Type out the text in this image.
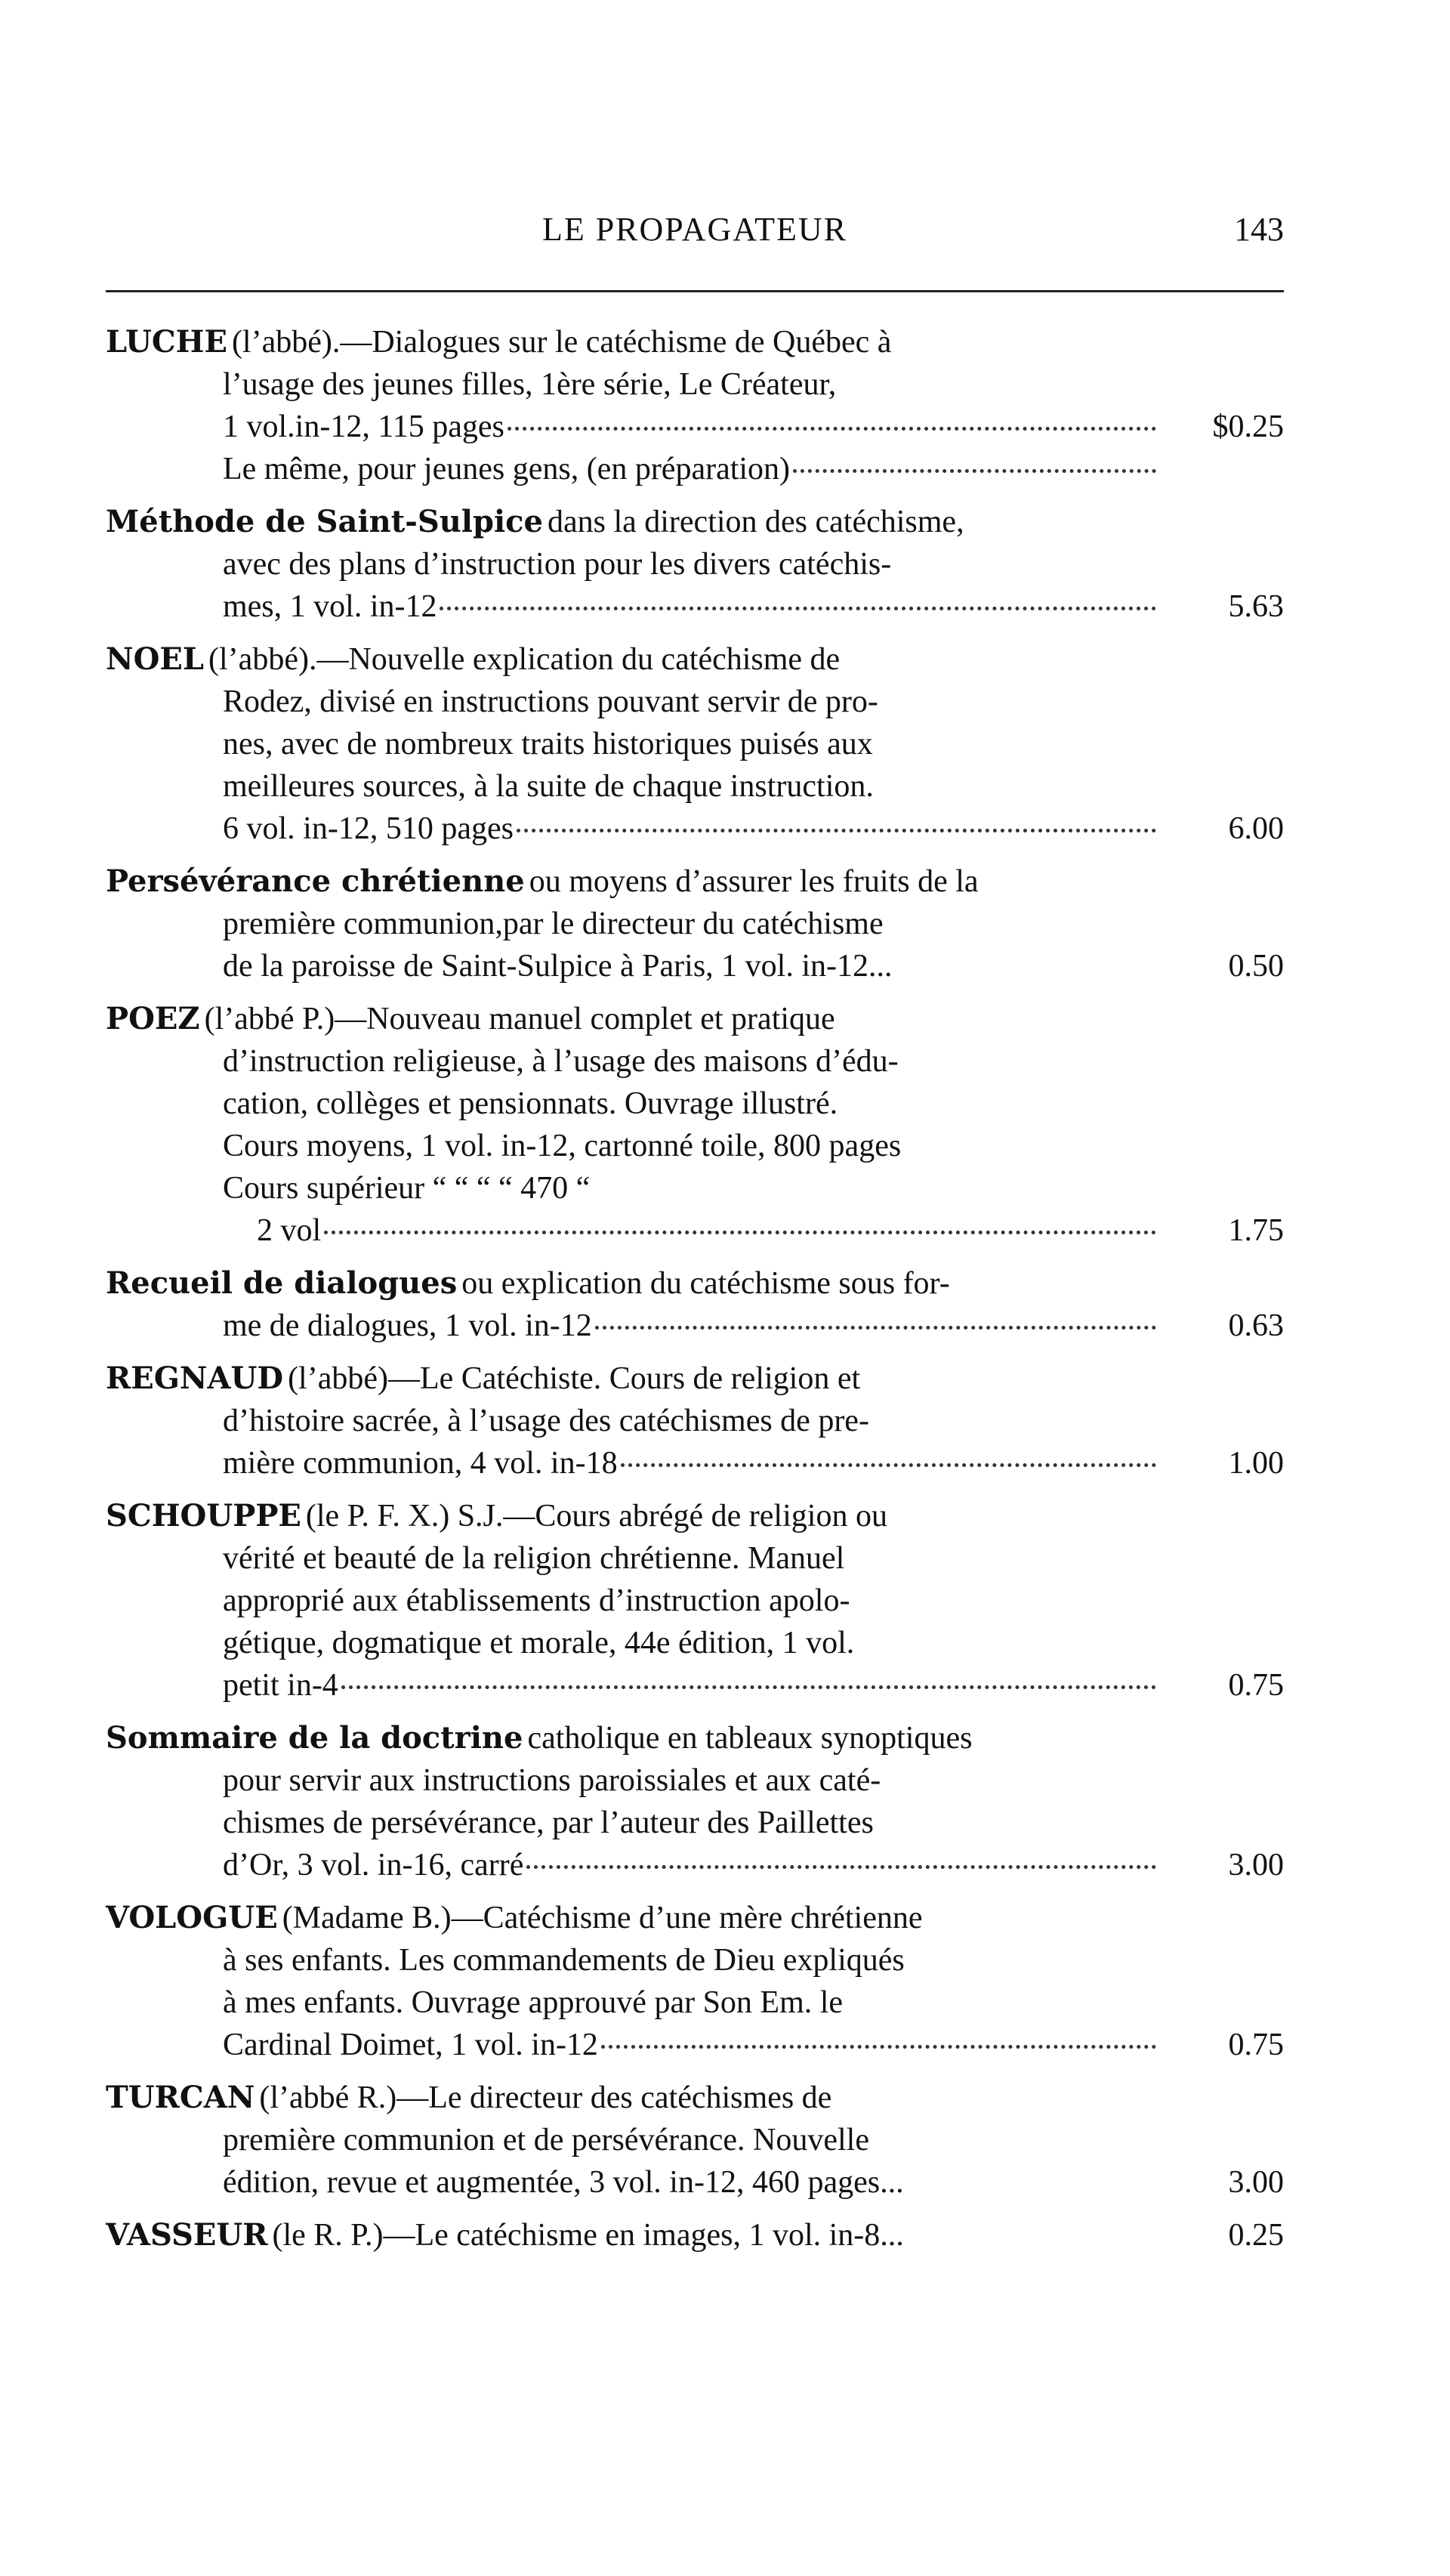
LE PROPAGATEUR	143
LUCHE (l’abbé).—Dialogues sur le catéchisme de Québec à
l’usage des jeunes filles, 1ère série, Le Créateur,
1 vol.in-12, 115 pages	$0.25
Le même, pour jeunes gens, (en préparation)
Méthode de Saint-Sulpice dans la direction des catéchisme,
avec des plans d’instruction pour les divers catéchis-
mes, 1 vol. in-12	5.63
NOEL (l’abbé).—Nouvelle explication du catéchisme de
Rodez, divisé en instructions pouvant servir de pro-
nes, avec de nombreux traits historiques puisés aux
meilleures sources, à la suite de chaque instruction.
6 vol. in-12, 510 pages	6.00
Persévérance chrétienne ou moyens d’assurer les fruits de la
première communion,par le directeur du catéchisme
de la paroisse de Saint-Sulpice à Paris, 1 vol. in-12...	0.50
POEZ (l’abbé P.)—Nouveau manuel complet et pratique
d’instruction religieuse, à l’usage des maisons d’édu-
cation, collèges et pensionnats. Ouvrage illustré.
Cours moyens, 1 vol. in-12, cartonné toile, 800 pages
Cours supérieur “ “ “ “ 470 “
2 vol	1.75
Recueil de dialogues ou explication du catéchisme sous for-
me de dialogues, 1 vol. in-12	0.63
REGNAUD (l’abbé)—Le Catéchiste. Cours de religion et
d’histoire sacrée, à l’usage des catéchismes de pre-
mière communion, 4 vol. in-18	1.00
SCHOUPPE (le P. F. X.) S.J.—Cours abrégé de religion ou
vérité et beauté de la religion chrétienne. Manuel
approprié aux établissements d’instruction apolo-
gétique, dogmatique et morale, 44e édition, 1 vol.
petit in-4	0.75
Sommaire de la doctrine catholique en tableaux synoptiques
pour servir aux instructions paroissiales et aux caté-
chismes de persévérance, par l’auteur des Paillettes
d’Or, 3 vol. in-16, carré	3.00
VOLOGUE (Madame B.)—Catéchisme d’une mère chrétienne
à ses enfants. Les commandements de Dieu expliqués
à mes enfants. Ouvrage approuvé par Son Em. le
Cardinal Doimet, 1 vol. in-12	0.75
TURCAN (l’abbé R.)—Le directeur des catéchismes de
première communion et de persévérance. Nouvelle
édition, revue et augmentée, 3 vol. in-12, 460 pages...	3.00
VASSEUR (le R. P.)—Le catéchisme en images, 1 vol. in-8...	0.25
